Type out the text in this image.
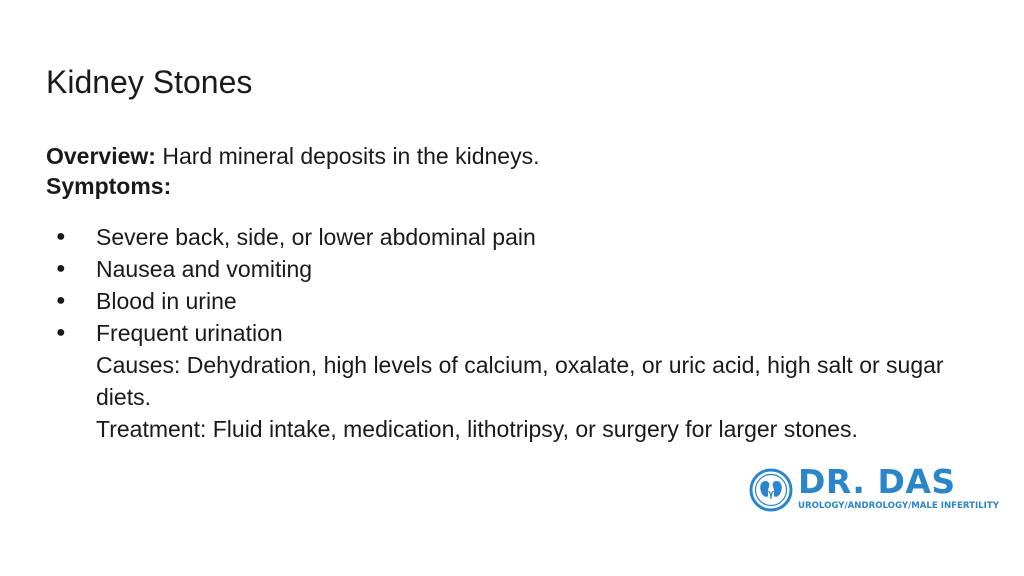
Kidney Stones

Overview: Hard mineral deposits in the kidneys.

Symptoms:

● Severe back, side, or lower abdominal pain
● Nausea and vomiting
● Blood in urine
● Frequent urination

Causes: Dehydration, high levels of calcium, oxalate, or uric acid, high salt or sugar diets.

Treatment: Fluid intake, medication, lithotripsy, or surgery for larger stones.

DR. DAS
UROLOGY/ANDROLOGY/MALE INFERTILITY
